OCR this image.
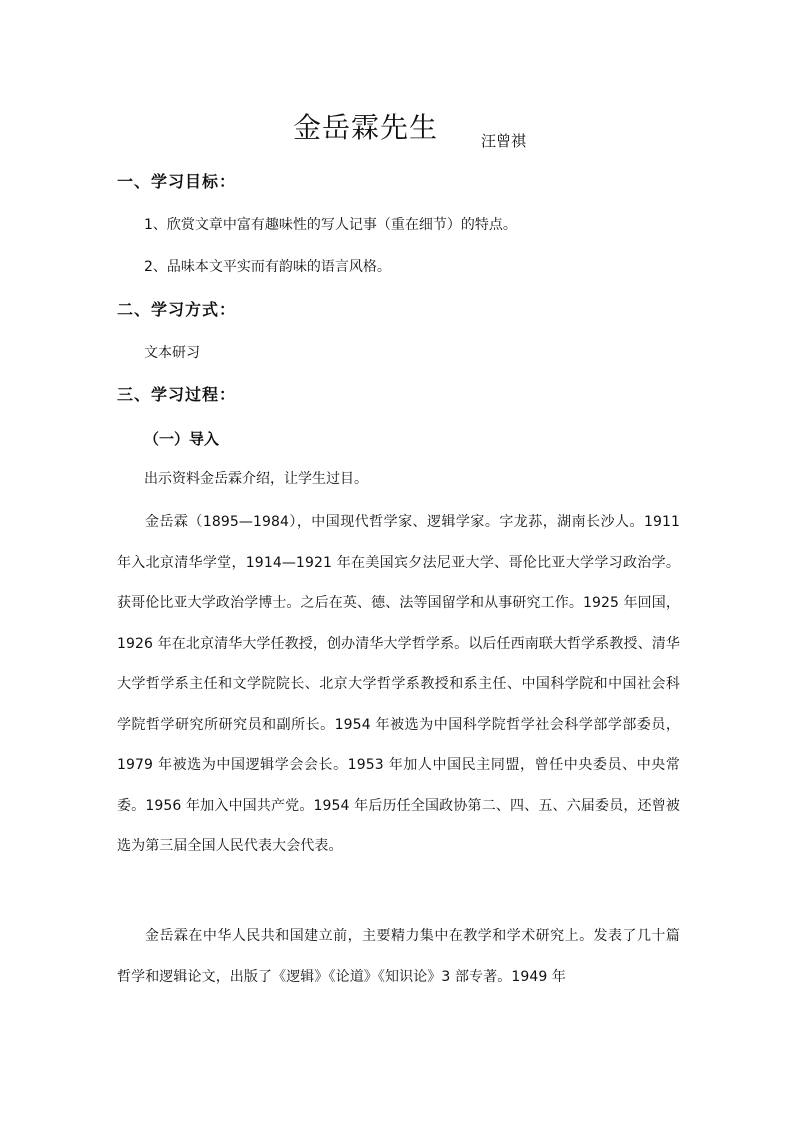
金岳霖先生	汪曾祺
一、学习目标：
1、欣赏文章中富有趣味性的写人记事（重在细节）的特点。
2、品味本文平实而有韵味的语言风格。
二、学习方式：
文本研习
三、学习过程：
（一）导入
出示资料金岳霖介绍，让学生过目。
金岳霖（1895—1984），中国现代哲学家、逻辑学家。字龙荪，湖南长沙人。1911 年入北京清华学堂，1914—1921 年在美国宾夕法尼亚大学、哥伦比亚大学学习政治学。获哥伦比亚大学政治学博士。之后在英、德、法等国留学和从事研究工作。1925 年回国，1926 年在北京清华大学任教授，创办清华大学哲学系。以后任西南联大哲学系教授、清华大学哲学系主任和文学院院长、北京大学哲学系教授和系主任、中国科学院和中国社会科学院哲学研究所研究员和副所长。1954 年被选为中国科学院哲学社会科学部学部委员，1979 年被选为中国逻辑学会会长。1953 年加人中国民主同盟，曾任中央委员、中央常委。1956 年加入中国共产党。1954 年后历任全国政协第二、四、五、六届委员，还曾被选为第三届全国人民代表大会代表。
金岳霖在中华人民共和国建立前，主要精力集中在教学和学术研究上。发表了几十篇哲学和逻辑论文，出版了《逻辑》《论道》《知识论》3 部专著。1949 年
